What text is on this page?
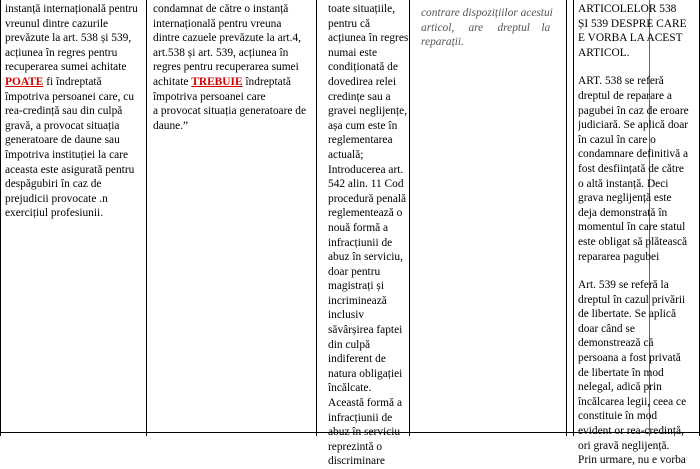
instanță internațională pentru
vreunul dintre cazurile
prevăzute la art. 538 și 539,
acțiunea în regres pentru
recuperarea sumei achitate
POATE fi îndreptată
împotriva persoanei care, cu
rea-credință sau din culpă
gravă, a provocat situația
generatoare de daune sau
împotriva instituției la care
aceasta este asigurată pentru
despăgubiri în caz de
prejudicii provocate .n
exercițiul profesiunii.
condamnat de către o instanță
internațională pentru vreuna
dintre cazuele prevăzute la art.4,
art.538 și art. 539, acțiunea în
regres pentru recuperarea sumei
achitate TREBUIE îndreptată
împotriva persoanei care
a provocat situația generatoare de
daune.”
toate situațiile,
pentru că
acțiunea în regres
numai este
condiționată de
dovedirea relei
credințe sau a
gravei neglijențe,
așa cum este în
reglementarea
actuală;
Introducerea art.
542 alin. 11 Cod
procedură penală
reglementează o
nouă formă a
infracțiunii de
abuz în serviciu,
doar pentru
magistrați și
incriminează
inclusiv
săvârșirea faptei
din culpă
indiferent de
natura obligației
încălcate.
Această formă a
infracțiunii de
abuz în serviciu
reprezintă o
discriminare
contrare dispozițiilor acestui
articol,     are     dreptul    la
reparații.
ARTICOLELOR 538
ȘI 539 DESPRE CARE
E VORBA LA ACEST
ARTICOL.
ART. 538 se referă
dreptul de reparare a
pagubei în caz de eroare
judiciară. Se aplică doar
în cazul în care o
condamnare definitivă a
fost desființată de către
o altă instanță. Deci
grava neglijență este
deja demonstrată în
momentul în care statul
este obligat să plătească
repararea pagubei
Art. 539 se referă la
dreptul în cazul privării
de libertate. Se aplică
doar când se
demonstrează că
persoana a fost privată
de libertate în mod
nelegal, adică prin
încălcarea legii, ceea ce
constituie în mod
evident or rea-credință,
ori gravă neglijență.
Prin urmare, nu e vorba
